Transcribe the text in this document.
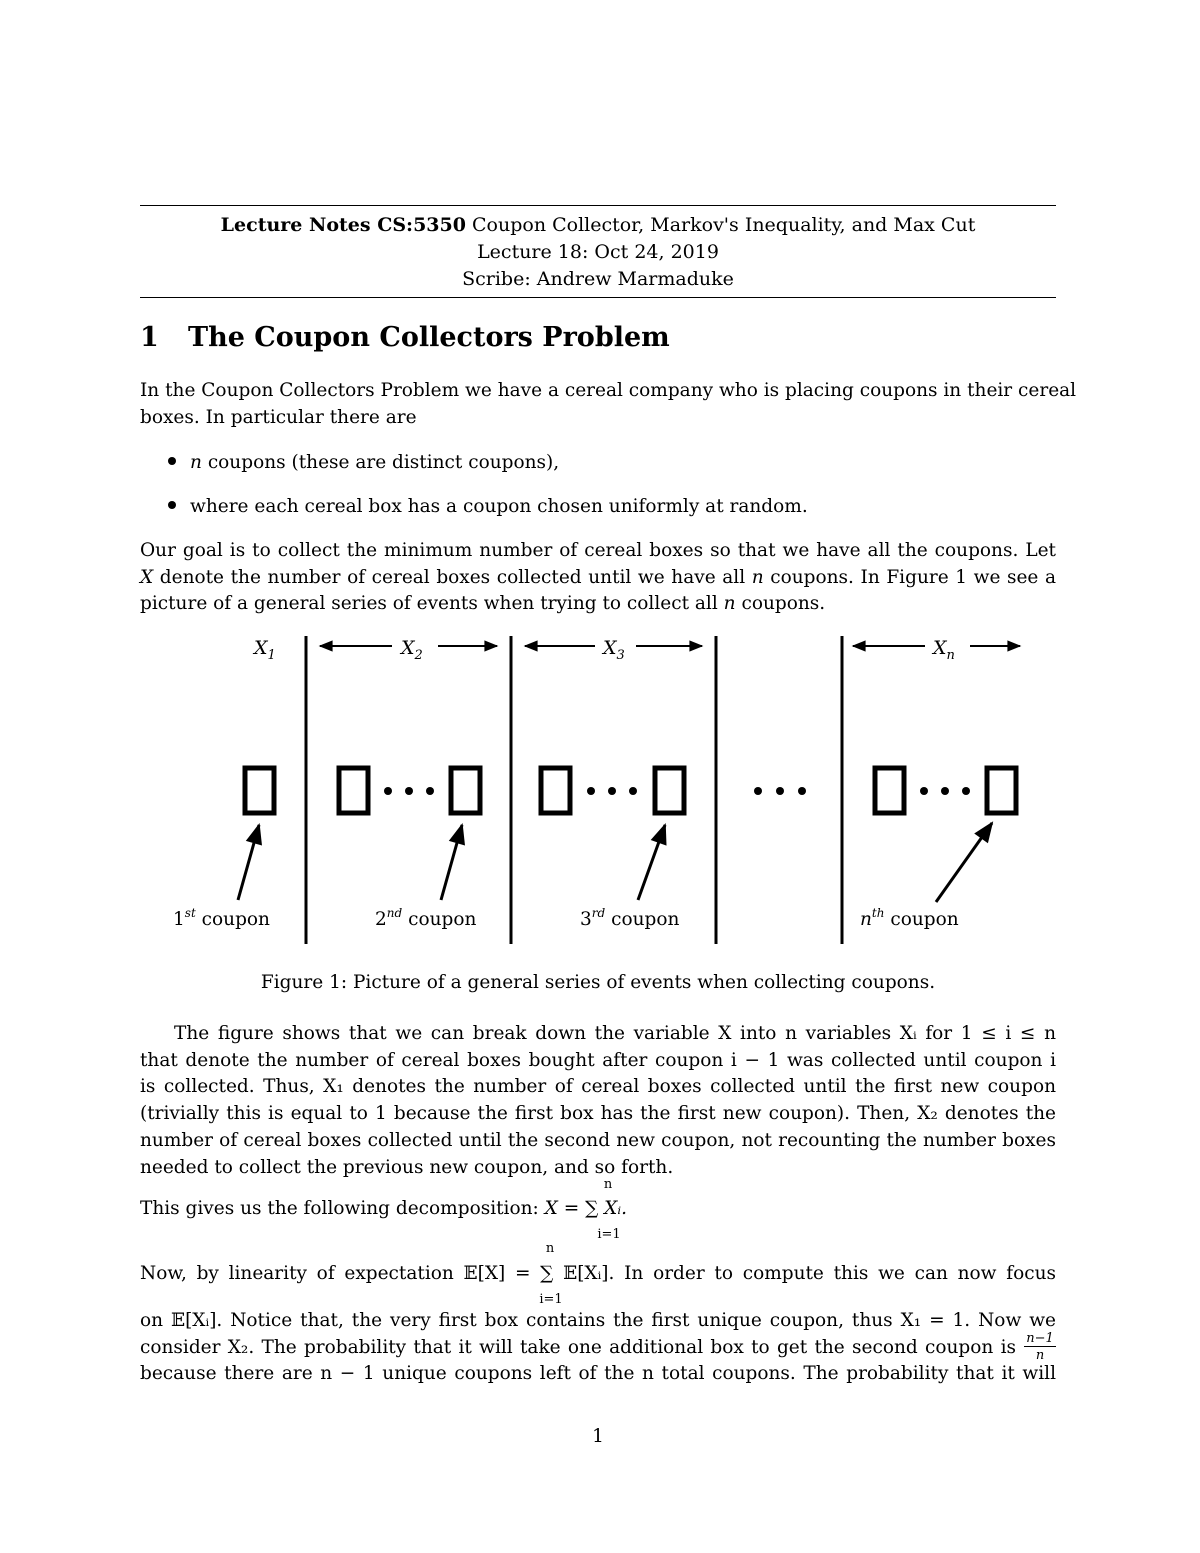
Lecture Notes CS:5350 Coupon Collector, Markov's Inequality, and Max Cut
Lecture 18: Oct 24, 2019
Scribe: Andrew Marmaduke
1 The Coupon Collectors Problem
In the Coupon Collectors Problem we have a cereal company who is placing coupons in their cereal
boxes. In particular there are
n coupons (these are distinct coupons),
where each cereal box has a coupon chosen uniformly at random.
Our goal is to collect the minimum number of cereal boxes so that we have all the coupons. Let
X denote the number of cereal boxes collected until we have all n coupons. In Figure 1 we see a
picture of a general series of events when trying to collect all n coupons.
$X_1$	$X_2$	$X_3$	$X_n$
1st coupon	2nd coupon	3rd coupon	$n^{th}$ coupon
Figure 1: Picture of a general series of events when collecting coupons.
The figure shows that we can break down the variable X into n variables Xᵢ for 1 ≤ i ≤ n
that denote the number of cereal boxes bought after coupon i − 1 was collected until coupon i
is collected. Thus, X₁ denotes the number of cereal boxes collected until the first new coupon
(trivially this is equal to 1 because the first box has the first new coupon). Then, X₂ denotes the
number of cereal boxes collected until the second new coupon, not recounting the number boxes
needed to collect the previous new coupon, and so forth.
This gives us the following decomposition: X = ∑ Xᵢ.
n
i=1
Now, by linearity of expectation 𝔼[X] = ∑ 𝔼[Xᵢ]. In order to compute this we can now focus
n
i=1
on 𝔼[Xᵢ]. Notice that, the very first box contains the first unique coupon, thus X₁ = 1. Now we
consider X₂. The probability that it will take one additional box to get the second coupon is
because there are n − 1 unique coupons left of the n total coupons. The probability that it will
n−1
n
1
